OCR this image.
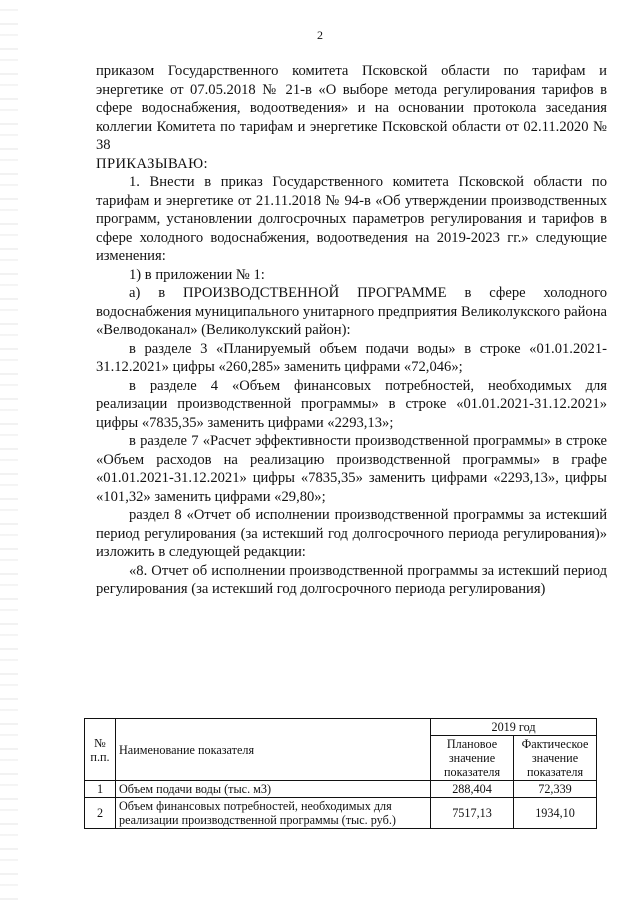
2

приказом Государственного комитета Псковской области по тарифам и энергетике от 07.05.2018 № 21-в «О выборе метода регулирования тарифов в сфере водоснабжения, водоотведения» и на основании протокола заседания коллегии Комитета по тарифам и энергетике Псковской области от 02.11.2020 № 38

ПРИКАЗЫВАЮ:

1. Внести в приказ Государственного комитета Псковской области по тарифам и энергетике от 21.11.2018 № 94-в «Об утверждении производственных программ, установлении долгосрочных параметров регулирования и тарифов в сфере холодного водоснабжения, водоотведения на 2019-2023 гг.» следующие изменения:

1) в приложении № 1:

а) в ПРОИЗВОДСТВЕННОЙ ПРОГРАММЕ в сфере холодного водоснабжения муниципального унитарного предприятия Великолукского района «Велводоканал» (Великолукский район):

в разделе 3 «Планируемый объем подачи воды» в строке «01.01.2021-31.12.2021» цифры «260,285» заменить цифрами «72,046»;

в разделе 4 «Объем финансовых потребностей, необходимых для реализации производственной программы» в строке «01.01.2021-31.12.2021» цифры «7835,35» заменить цифрами «2293,13»;

в разделе 7 «Расчет эффективности производственной программы» в строке «Объем расходов на реализацию производственной программы» в графе «01.01.2021-31.12.2021» цифры «7835,35» заменить цифрами «2293,13», цифры «101,32» заменить цифрами «29,80»;

раздел 8 «Отчет об исполнении производственной программы за истекший период регулирования (за истекший год долгосрочного периода регулирования)» изложить в следующей редакции:

«8. Отчет об исполнении производственной программы за истекший период регулирования (за истекший год долгосрочного периода регулирования)

№ п.п.	Наименование показателя	2019 год	
		Плановое значение показателя	Фактическое значение показателя
1	Объем подачи воды (тыс. м3)	288,404	72,339
2	Объем финансовых потребностей, необходимых для реализации производственной программы (тыс. руб.)	7517,13	1934,10
